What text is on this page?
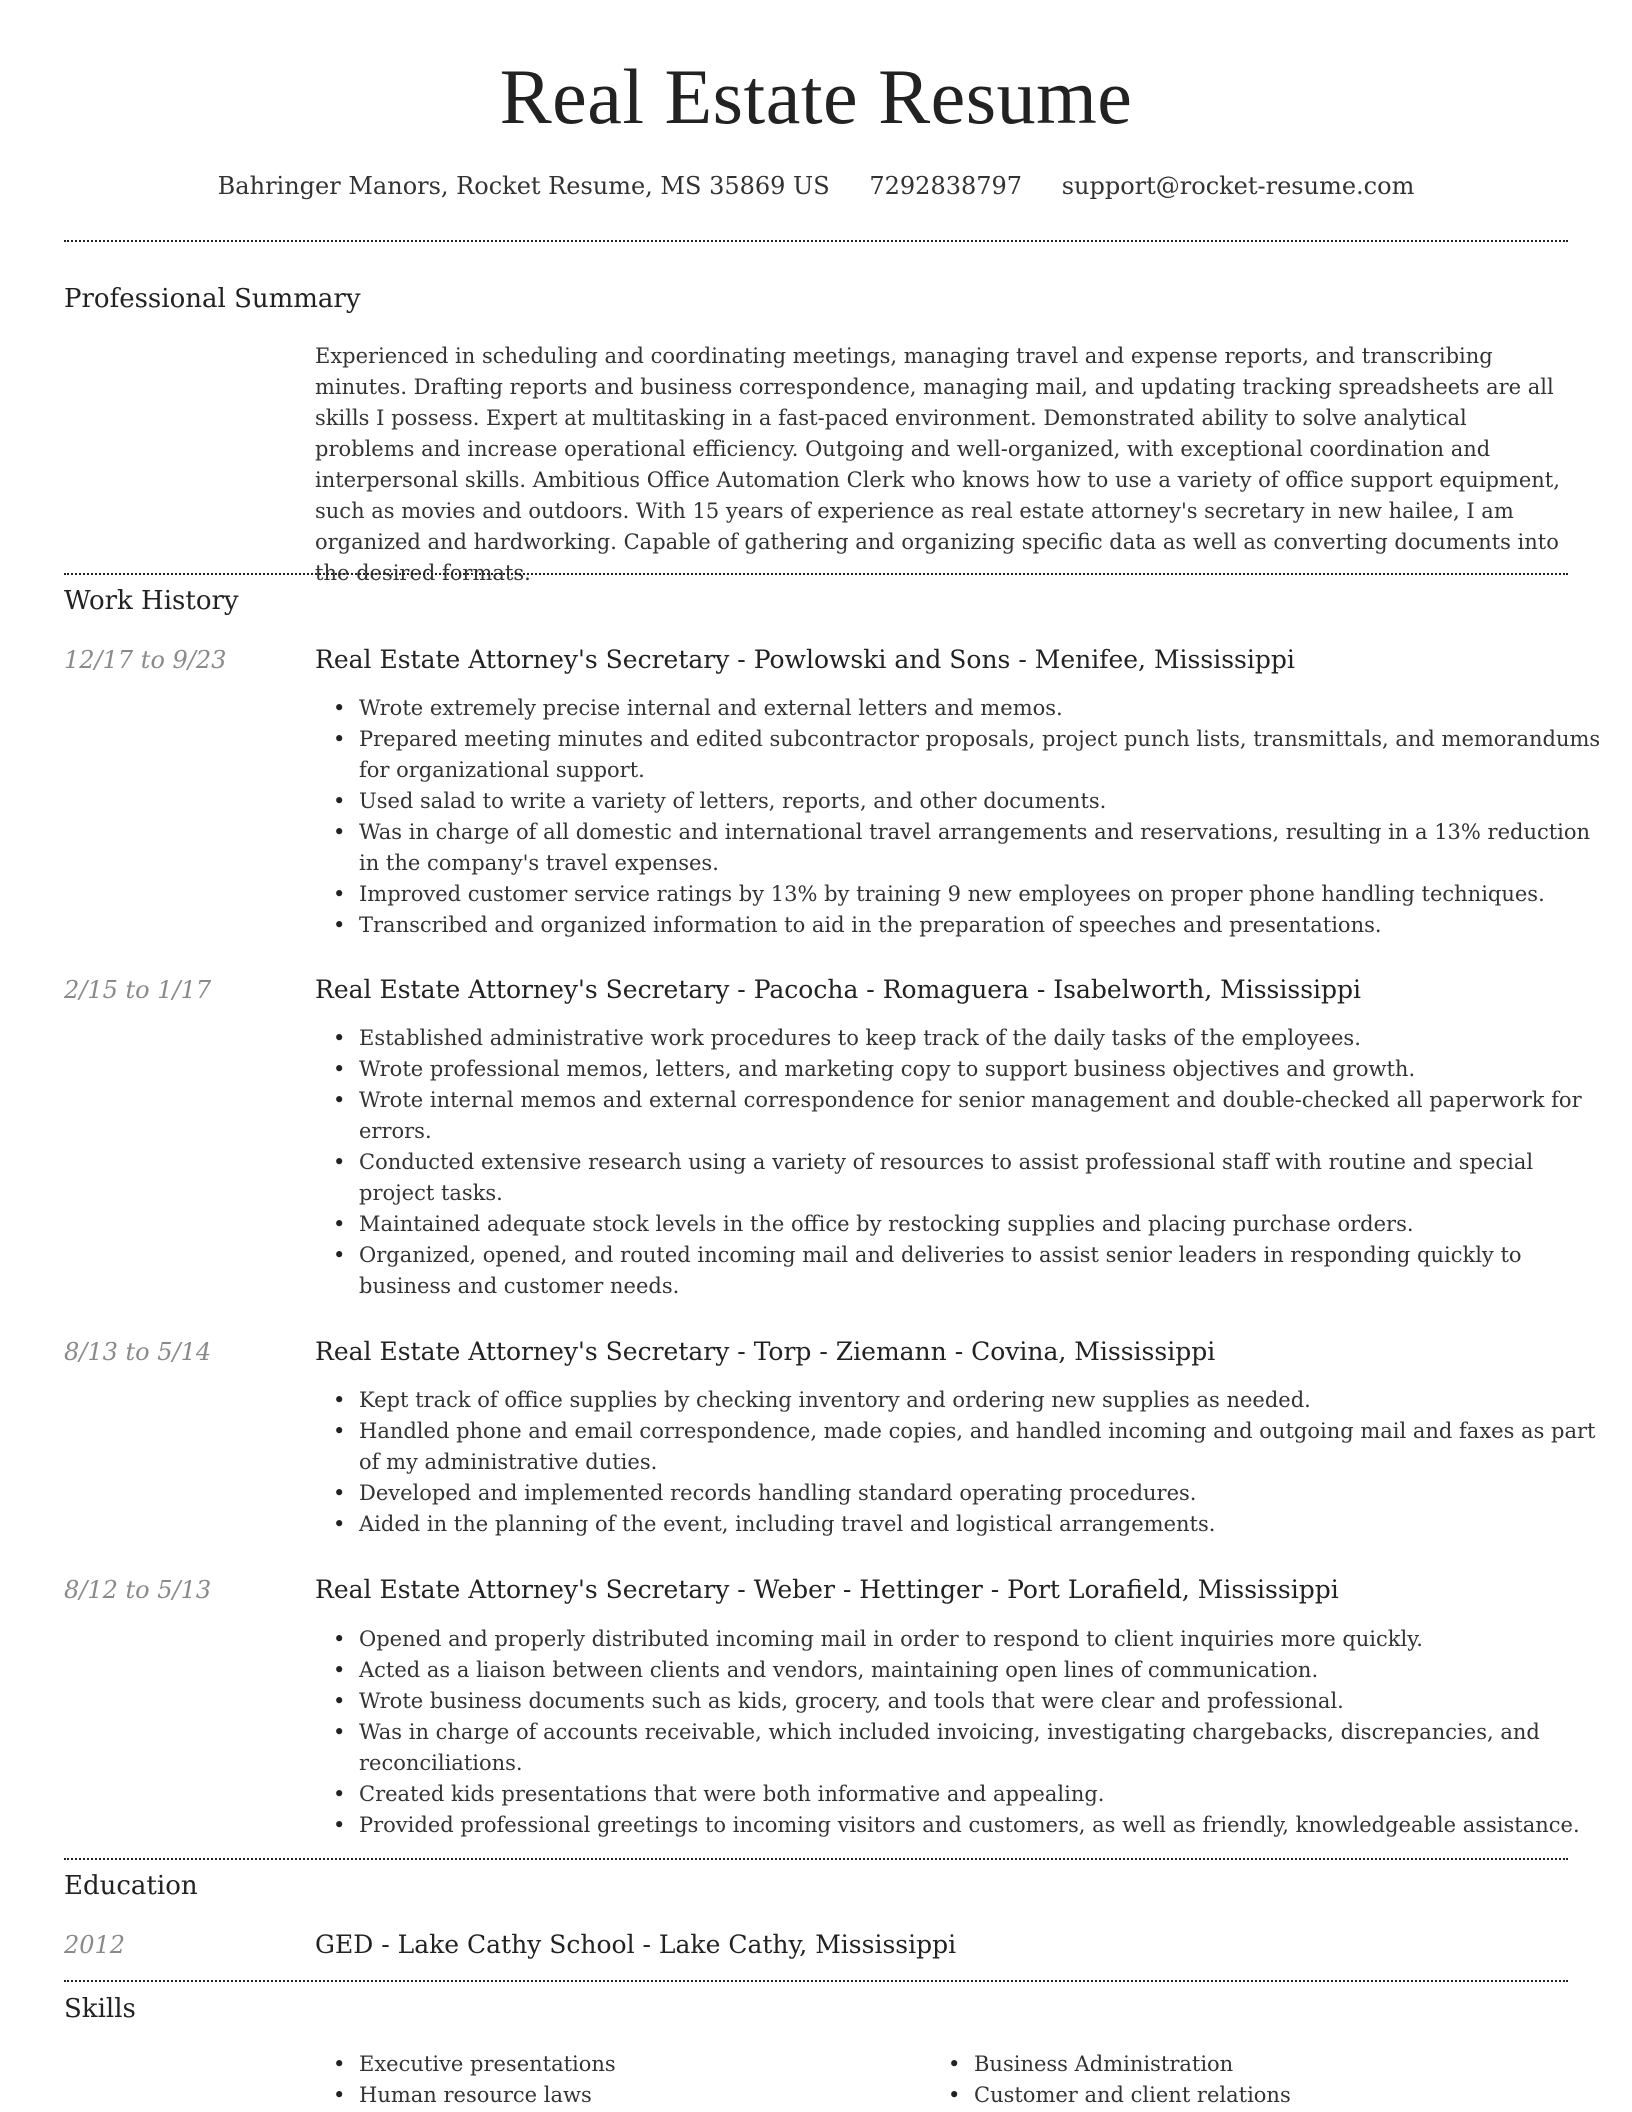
Real Estate Resume
Bahringer Manors, Rocket Resume, MS 35869 US 7292838797 support@rocket-resume.com
Professional Summary
Experienced in scheduling and coordinating meetings, managing travel and expense reports, and transcribing minutes. Drafting reports and business correspondence, managing mail, and updating tracking spreadsheets are all skills I possess. Expert at multitasking in a fast-paced environment. Demonstrated ability to solve analytical problems and increase operational efficiency. Outgoing and well-organized, with exceptional coordination and interpersonal skills. Ambitious Office Automation Clerk who knows how to use a variety of office support equipment, such as movies and outdoors. With 15 years of experience as real estate attorney's secretary in new hailee, I am organized and hardworking. Capable of gathering and organizing specific data as well as converting documents into the desired formats.
Work History
12/17 to 9/23	Real Estate Attorney's Secretary - Powlowski and Sons - Menifee, Mississippi
• Wrote extremely precise internal and external letters and memos.
• Prepared meeting minutes and edited subcontractor proposals, project punch lists, transmittals, and memorandums for organizational support.
• Used salad to write a variety of letters, reports, and other documents.
• Was in charge of all domestic and international travel arrangements and reservations, resulting in a 13% reduction in the company's travel expenses.
• Improved customer service ratings by 13% by training 9 new employees on proper phone handling techniques.
• Transcribed and organized information to aid in the preparation of speeches and presentations.
2/15 to 1/17	Real Estate Attorney's Secretary - Pacocha - Romaguera - Isabelworth, Mississippi
• Established administrative work procedures to keep track of the daily tasks of the employees.
• Wrote professional memos, letters, and marketing copy to support business objectives and growth.
• Wrote internal memos and external correspondence for senior management and double-checked all paperwork for errors.
• Conducted extensive research using a variety of resources to assist professional staff with routine and special project tasks.
• Maintained adequate stock levels in the office by restocking supplies and placing purchase orders.
• Organized, opened, and routed incoming mail and deliveries to assist senior leaders in responding quickly to business and customer needs.
8/13 to 5/14	Real Estate Attorney's Secretary - Torp - Ziemann - Covina, Mississippi
• Kept track of office supplies by checking inventory and ordering new supplies as needed.
• Handled phone and email correspondence, made copies, and handled incoming and outgoing mail and faxes as part of my administrative duties.
• Developed and implemented records handling standard operating procedures.
• Aided in the planning of the event, including travel and logistical arrangements.
8/12 to 5/13	Real Estate Attorney's Secretary - Weber - Hettinger - Port Lorafield, Mississippi
• Opened and properly distributed incoming mail in order to respond to client inquiries more quickly.
• Acted as a liaison between clients and vendors, maintaining open lines of communication.
• Wrote business documents such as kids, grocery, and tools that were clear and professional.
• Was in charge of accounts receivable, which included invoicing, investigating chargebacks, discrepancies, and reconciliations.
• Created kids presentations that were both informative and appealing.
• Provided professional greetings to incoming visitors and customers, as well as friendly, knowledgeable assistance.
Education
2012	GED - Lake Cathy School - Lake Cathy, Mississippi
Skills
• Executive presentations
• Human resource laws
• Business Administration
• Customer and client relations
